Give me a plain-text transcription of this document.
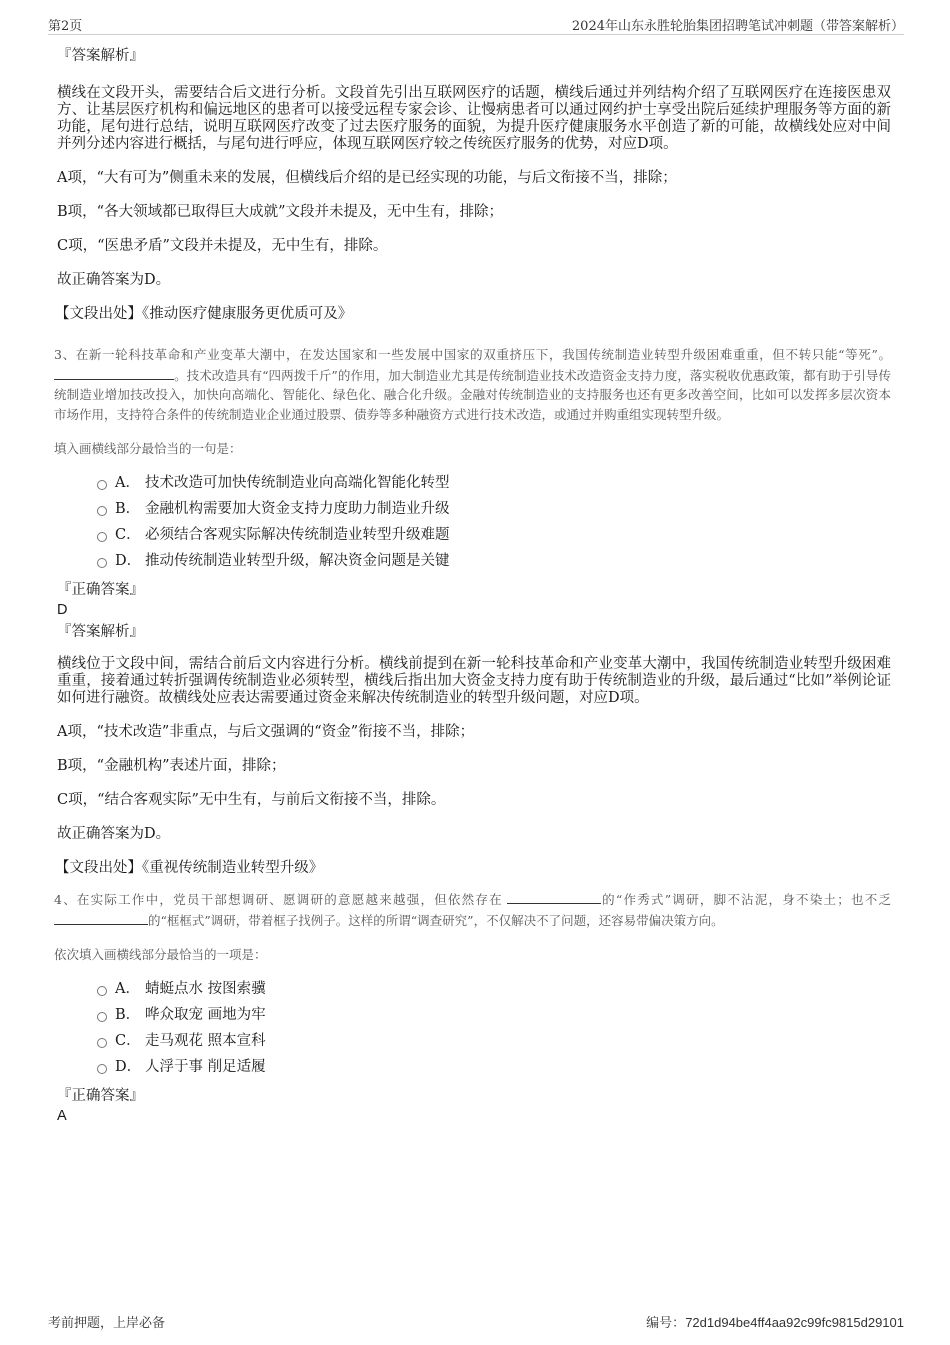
第2页	2024年山东永胜轮胎集团招聘笔试冲刺题（带答案解析）

『答案解析』

横线在文段开头，需要结合后文进行分析。文段首先引出互联网医疗的话题，横线后通过并列结构介绍了互联网医疗在连接医患双方、让基层医疗机构和偏远地区的患者可以接受远程专家会诊、让慢病患者可以通过网约护士享受出院后延续护理服务等方面的新功能，尾句进行总结，说明互联网医疗改变了过去医疗服务的面貌，为提升医疗健康服务水平创造了新的可能，故横线处应对中间并列分述内容进行概括，与尾句进行呼应，体现互联网医疗较之传统医疗服务的优势，对应D项。

A项，“大有可为”侧重未来的发展，但横线后介绍的是已经实现的功能，与后文衔接不当，排除；

B项，“各大领域都已取得巨大成就”文段并未提及，无中生有，排除；

C项，“医患矛盾”文段并未提及，无中生有，排除。

故正确答案为D。

【文段出处】《推动医疗健康服务更优质可及》

3、在新一轮科技革命和产业变革大潮中，在发达国家和一些发展中国家的双重挤压下，我国传统制造业转型升级困难重重，但不转只能“等死”。。技术改造具有“四两拨千斤”的作用，加大制造业尤其是传统制造业技术改造资金支持力度，落实税收优惠政策，都有助于引导传统制造业增加技改投入，加快向高端化、智能化、绿色化、融合化升级。金融对传统制造业的支持服务也还有更多改善空间，比如可以发挥多层次资本市场作用，支持符合条件的传统制造业企业通过股票、债券等多种融资方式进行技术改造，或通过并购重组实现转型升级。

填入画横线部分最恰当的一句是：

A． 技术改造可加快传统制造业向高端化智能化转型
B． 金融机构需要加大资金支持力度助力制造业升级
C． 必须结合客观实际解决传统制造业转型升级难题
D． 推动传统制造业转型升级，解决资金问题是关键

『正确答案』

D

『答案解析』

横线位于文段中间，需结合前后文内容进行分析。横线前提到在新一轮科技革命和产业变革大潮中，我国传统制造业转型升级困难重重，接着通过转折强调传统制造业必须转型，横线后指出加大资金支持力度有助于传统制造业的升级，最后通过“比如”举例论证如何进行融资。故横线处应表达需要通过资金来解决传统制造业的转型升级问题，对应D项。

A项，“技术改造”非重点，与后文强调的“资金”衔接不当，排除；

B项，“金融机构”表述片面，排除；

C项，“结合客观实际”无中生有，与前后文衔接不当，排除。

故正确答案为D。

【文段出处】《重视传统制造业转型升级》

4、在实际工作中，党员干部想调研、愿调研的意愿越来越强，但依然存在	的“作秀式”调研，脚不沾泥，身不染土；也不乏的“框框式”调研，带着框子找例子。这样的所谓“调查研究”，不仅解决不了问题，还容易带偏决策方向。

依次填入画横线部分最恰当的一项是：

A． 蜻蜓点水 按图索骥
B． 哗众取宠 画地为牢
C． 走马观花 照本宣科
D． 人浮于事 削足适履

『正确答案』

A

考前押题，上岸必备	编号：72d1d94be4ff4aa92c99fc9815d29101
